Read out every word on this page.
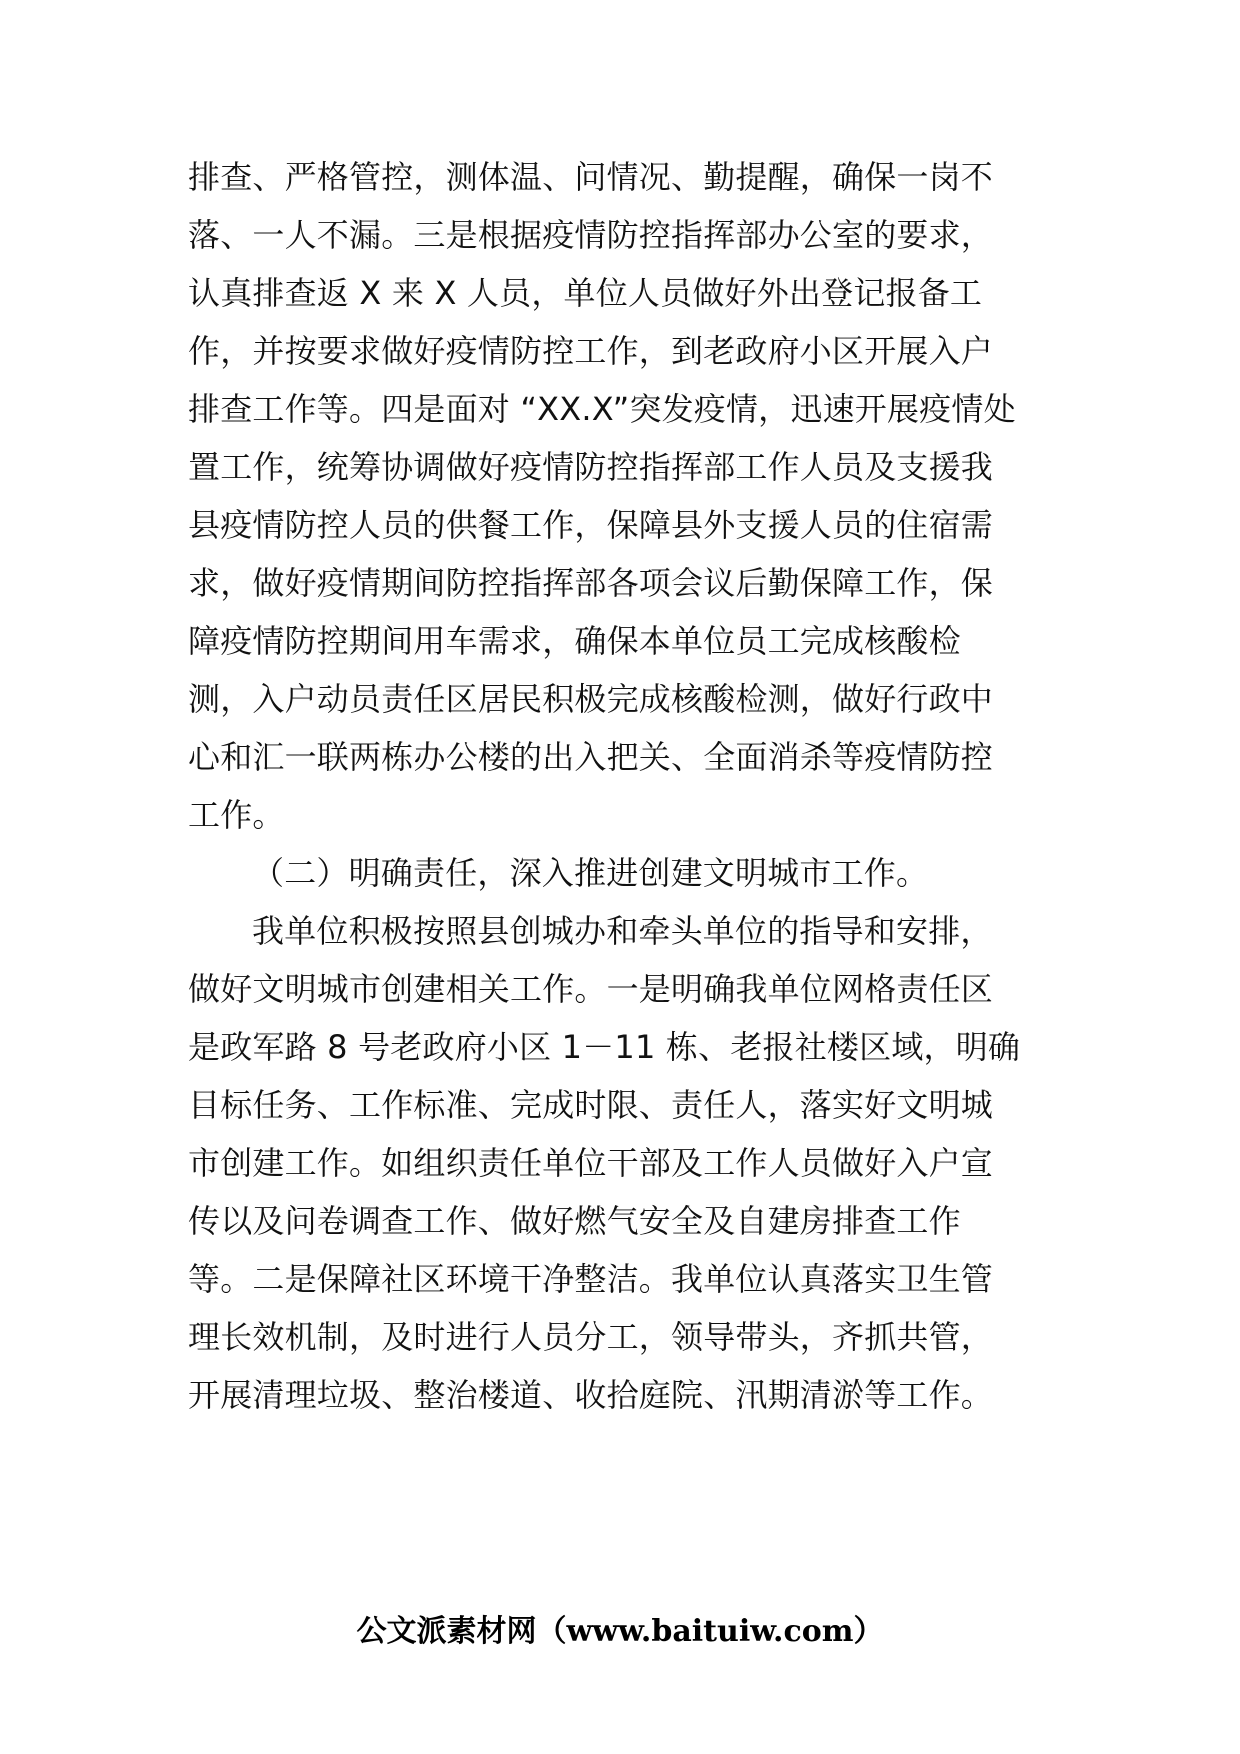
排查、严格管控，测体温、问情况、勤提醒，确保一岗不
落、一人不漏。三是根据疫情防控指挥部办公室的要求，
认真排查返 X 来 X 人员，单位人员做好外出登记报备工
作，并按要求做好疫情防控工作，到老政府小区开展入户
排查工作等。四是面对 “XX.X”突发疫情，迅速开展疫情处
置工作，统筹协调做好疫情防控指挥部工作人员及支援我
县疫情防控人员的供餐工作，保障县外支援人员的住宿需
求，做好疫情期间防控指挥部各项会议后勤保障工作，保
障疫情防控期间用车需求，确保本单位员工完成核酸检
测，入户动员责任区居民积极完成核酸检测，做好行政中
心和汇一联两栋办公楼的出入把关、全面消杀等疫情防控
工作。
（二）明确责任，深入推进创建文明城市工作。
我单位积极按照县创城办和牵头单位的指导和安排，
做好文明城市创建相关工作。一是明确我单位网格责任区
是政军路 8 号老政府小区 1－11 栋、老报社楼区域，明确
目标任务、工作标准、完成时限、责任人，落实好文明城
市创建工作。如组织责任单位干部及工作人员做好入户宣
传以及问卷调查工作、做好燃气安全及自建房排查工作
等。二是保障社区环境干净整洁。我单位认真落实卫生管
理长效机制，及时进行人员分工，领导带头，齐抓共管，
开展清理垃圾、整治楼道、收拾庭院、汛期清淤等工作。
公文派素材网（www.baituiw.com）
